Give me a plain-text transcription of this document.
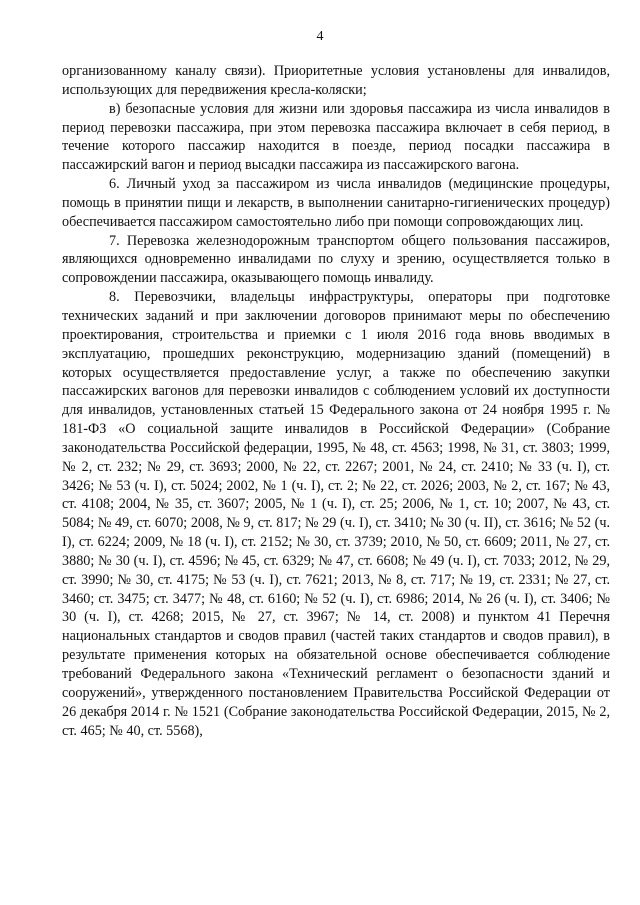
4

организованному каналу связи). Приоритетные условия установлены для инвалидов, использующих для передвижения кресла-коляски;

в) безопасные условия для жизни или здоровья пассажира из числа инвалидов в период перевозки пассажира, при этом перевозка пассажира включает в себя период, в течение которого пассажир находится в поезде, период посадки пассажира в пассажирский вагон и период высадки пассажира из пассажирского вагона.

6. Личный уход за пассажиром из числа инвалидов (медицинские процедуры, помощь в принятии пищи и лекарств, в выполнении санитарно-гигиенических процедур) обеспечивается пассажиром самостоятельно либо при помощи сопровождающих лиц.

7. Перевозка железнодорожным транспортом общего пользования пассажиров, являющихся одновременно инвалидами по слуху и зрению, осуществляется только в сопровождении пассажира, оказывающего помощь инвалиду.

8. Перевозчики, владельцы инфраструктуры, операторы при подготовке технических заданий и при заключении договоров принимают меры по обеспечению проектирования, строительства и приемки с 1 июля 2016 года вновь вводимых в эксплуатацию, прошедших реконструкцию, модернизацию зданий (помещений) в которых осуществляется предоставление услуг, а также по обеспечению закупки пассажирских вагонов для перевозки инвалидов с соблюдением условий их доступности для инвалидов, установленных статьей 15 Федерального закона от 24 ноября 1995 г. № 181-ФЗ «О социальной защите инвалидов в Российской Федерации» (Собрание законодательства Российской федерации, 1995, № 48, ст. 4563; 1998, № 31, ст. 3803; 1999, № 2, ст. 232; № 29, ст. 3693; 2000, № 22, ст. 2267; 2001, № 24, ст. 2410; № 33 (ч. I), ст. 3426; № 53 (ч. I), ст. 5024; 2002, № 1 (ч. I), ст. 2; № 22, ст. 2026; 2003, № 2, ст. 167; № 43, ст. 4108; 2004, № 35, ст. 3607; 2005, № 1 (ч. I), ст. 25; 2006, № 1, ст. 10; 2007, № 43, ст. 5084; № 49, ст. 6070; 2008, № 9, ст. 817; № 29 (ч. I), ст. 3410; № 30 (ч. II), ст. 3616; № 52 (ч. I), ст. 6224; 2009, № 18 (ч. I), ст. 2152; № 30, ст. 3739; 2010, № 50, ст. 6609; 2011, № 27, ст. 3880; № 30 (ч. I), ст. 4596; № 45, ст. 6329; № 47, ст. 6608; № 49 (ч. I), ст. 7033; 2012, № 29, ст. 3990; № 30, ст. 4175; № 53 (ч. I), ст. 7621; 2013, № 8, ст. 717; № 19, ст. 2331; № 27, ст. 3460; ст. 3475; ст. 3477; № 48, ст. 6160; № 52 (ч. I), ст. 6986; 2014, № 26 (ч. I), ст. 3406; № 30 (ч. I), ст. 4268; 2015, № 27, ст. 3967; № 14, ст. 2008) и пунктом 41 Перечня национальных стандартов и сводов правил (частей таких стандартов и сводов правил), в результате применения которых на обязательной основе обеспечивается соблюдение требований Федерального закона «Технический регламент о безопасности зданий и сооружений», утвержденного постановлением Правительства Российской Федерации от 26 декабря 2014 г. № 1521 (Собрание законодательства Российской Федерации, 2015, № 2, ст. 465; № 40, ст. 5568),
